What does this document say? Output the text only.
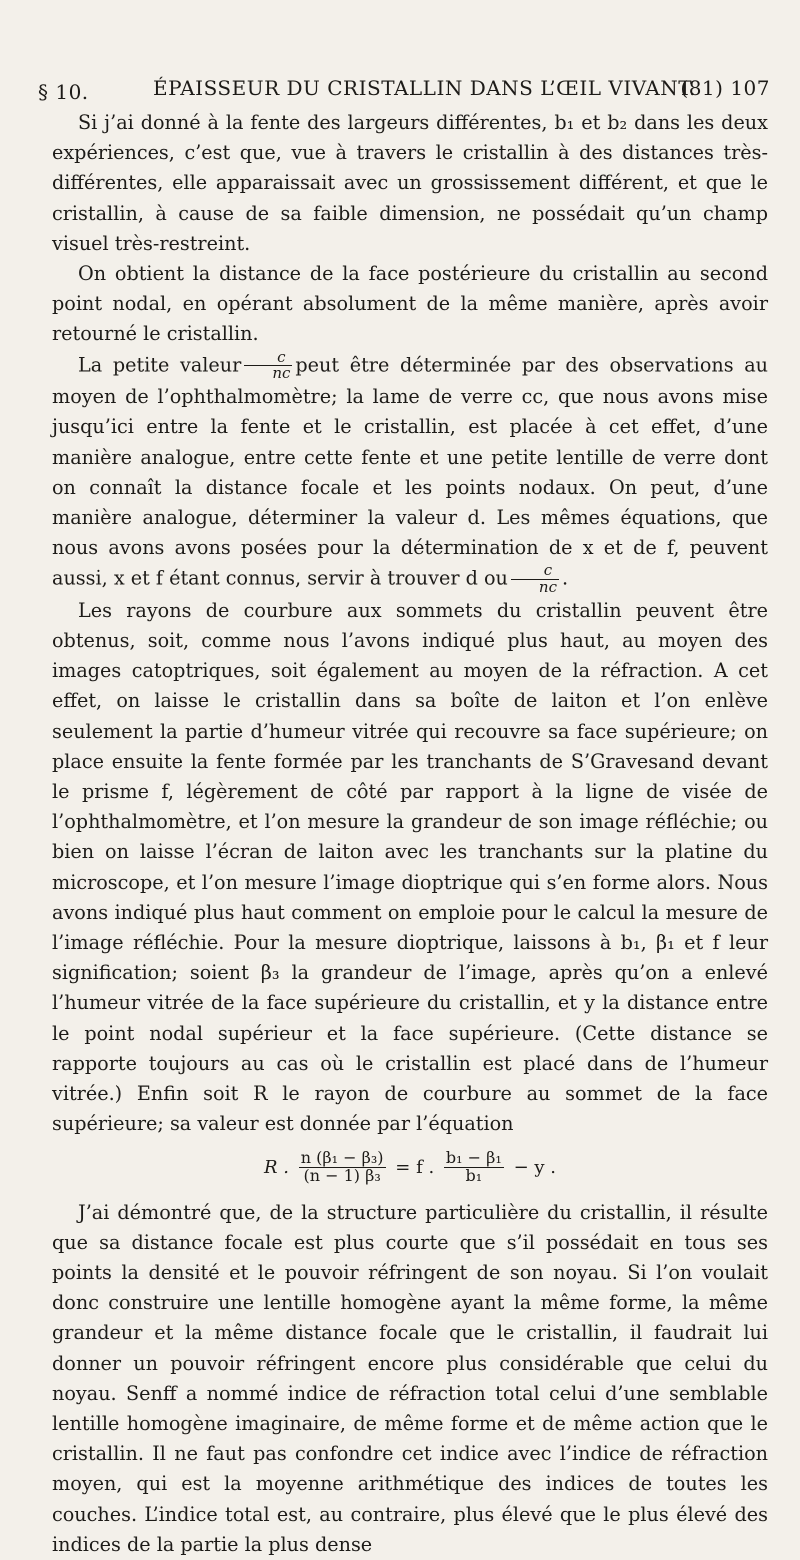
§ 10.	ÉPAISSEUR DU CRISTALLIN DANS L’ŒIL VIVANT.
(81) 107

Si j’ai donné à la fente des largeurs différentes, b₁ et b₂ dans les deux expériences, c’est que, vue à travers le cristallin à des distances très-différentes, elle apparaissait avec un grossissement différent, et que le cristallin, à cause de sa faible dimension, ne possédait qu’un champ visuel très-restreint.

On obtient la distance de la face postérieure du cristallin au second point nodal, en opérant absolument de la même manière, après avoir retourné le cristallin.

La petite valeur $\frac{c}{nc}$ peut être déterminée par des observations au moyen de l’ophthalmomètre; la lame de verre cc, que nous avons mise jusqu’ici entre la fente et le cristallin, est placée à cet effet, d’une manière analogue, entre cette fente et une petite lentille de verre dont on connaît la distance focale et les points nodaux. On peut, d’une manière analogue, déterminer la valeur d. Les mêmes équations, que nous avons avons posées pour la détermination de x et de f, peuvent aussi, x et f étant connus, servir à trouver d ou $\frac{c}{nc}$ .

Les rayons de courbure aux sommets du cristallin peuvent être obtenus, soit, comme nous l’avons indiqué plus haut, au moyen des images catoptriques, soit également au moyen de la réfraction. A cet effet, on laisse le cristallin dans sa boîte de laiton et l’on enlève seulement la partie d’humeur vitrée qui recouvre sa face supérieure; on place ensuite la fente formée par les tranchants de S’Gravesand devant le prisme f, légèrement de côté par rapport à la ligne de visée de l’ophthalmomètre, et l’on mesure la grandeur de son image réfléchie; ou bien on laisse l’écran de laiton avec les tranchants sur la platine du microscope, et l’on mesure l’image dioptrique qui s’en forme alors. Nous avons indiqué plus haut comment on emploie pour le calcul la mesure de l’image réfléchie. Pour la mesure dioptrique, laissons à b₁, β₁ et f leur signification; soient β₃ la grandeur de l’image, après qu’on a enlevé l’humeur vitrée de la face supérieure du cristallin, et y la distance entre le point nodal supérieur et la face supérieure. (Cette distance se rapporte toujours au cas où le cristallin est placé dans de l’humeur vitrée.) Enfin soit R le rayon de courbure au sommet de la face supérieure; sa valeur est donnée par l’équation

R . $\frac{\text{n (β₁ − β₃)}}{\text{(n − 1) β₃}} = f$ . $\frac{\text{b₁ − β₁}}{\text{b₁}} - y$ .

J’ai démontré que, de la structure particulière du cristallin, il résulte que sa distance focale est plus courte que s’il possédait en tous ses points la densité et le pouvoir réfringent de son noyau. Si l’on voulait donc construire une lentille homogène ayant la même forme, la même grandeur et la même distance focale que le cristallin, il faudrait lui donner un pouvoir réfringent encore plus considérable que celui du noyau. Senff a nommé indice de réfraction total celui d’une semblable lentille homogène imaginaire, de même forme et de même action que le cristallin. Il ne faut pas confondre cet indice avec l’indice de réfraction moyen, qui est la moyenne arithmétique des indices de toutes les couches. L’indice total est, au contraire, plus élevé que le plus élevé des indices de la partie la plus dense
